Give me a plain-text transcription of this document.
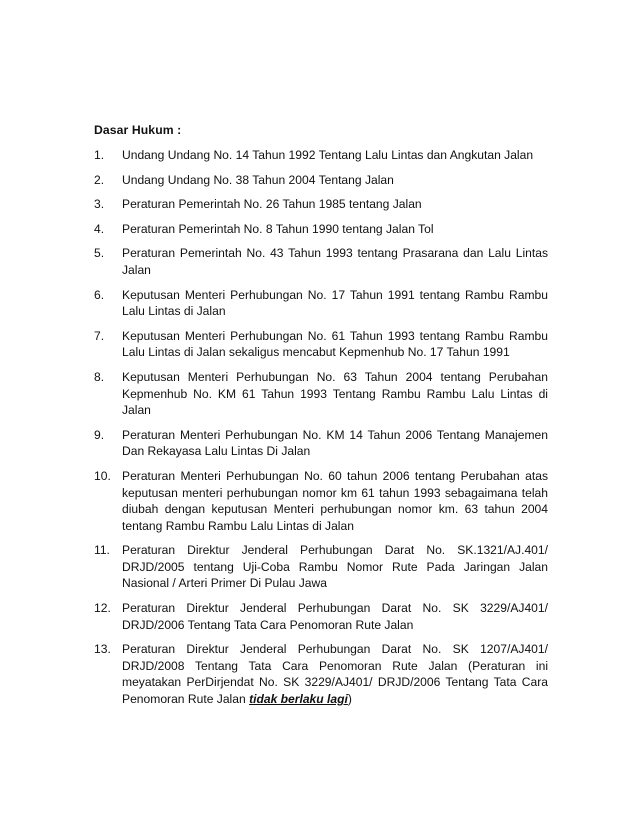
Dasar Hukum :
1.	Undang Undang No. 14 Tahun 1992 Tentang Lalu Lintas dan Angkutan Jalan
2.	Undang Undang No. 38 Tahun 2004 Tentang Jalan
3.	Peraturan Pemerintah No. 26 Tahun 1985 tentang Jalan
4.	Peraturan Pemerintah No. 8 Tahun 1990 tentang Jalan Tol
5.	Peraturan Pemerintah No. 43 Tahun 1993 tentang Prasarana dan Lalu Lintas Jalan
6.	Keputusan Menteri Perhubungan No. 17 Tahun 1991 tentang Rambu Rambu Lalu Lintas di Jalan
7.	Keputusan Menteri Perhubungan No. 61 Tahun 1993 tentang Rambu Rambu Lalu Lintas di Jalan sekaligus mencabut Kepmenhub No. 17 Tahun 1991
8.	Keputusan Menteri Perhubungan No. 63 Tahun 2004 tentang Perubahan Kepmenhub No. KM 61 Tahun 1993 Tentang Rambu Rambu Lalu Lintas di Jalan
9.	Peraturan Menteri Perhubungan No. KM 14 Tahun 2006 Tentang Manajemen Dan Rekayasa Lalu Lintas Di Jalan
10. Peraturan Menteri Perhubungan No. 60 tahun 2006 tentang Perubahan atas keputusan menteri perhubungan nomor km 61 tahun 1993 sebagaimana telah diubah dengan keputusan Menteri perhubungan nomor km. 63 tahun 2004 tentang Rambu Rambu Lalu Lintas di Jalan
11. Peraturan Direktur Jenderal Perhubungan Darat No. SK.1321/AJ.401/ DRJD/2005 tentang Uji-Coba Rambu Nomor Rute Pada Jaringan Jalan Nasional / Arteri Primer Di Pulau Jawa
12. Peraturan Direktur Jenderal Perhubungan Darat No. SK 3229/AJ401/ DRJD/2006 Tentang Tata Cara Penomoran Rute Jalan
13. Peraturan Direktur Jenderal Perhubungan Darat No. SK 1207/AJ401/ DRJD/2008 Tentang Tata Cara Penomoran Rute Jalan (Peraturan ini meyatakan PerDirjendat No. SK 3229/AJ401/ DRJD/2006 Tentang Tata Cara Penomoran Rute Jalan tidak berlaku lagi)
